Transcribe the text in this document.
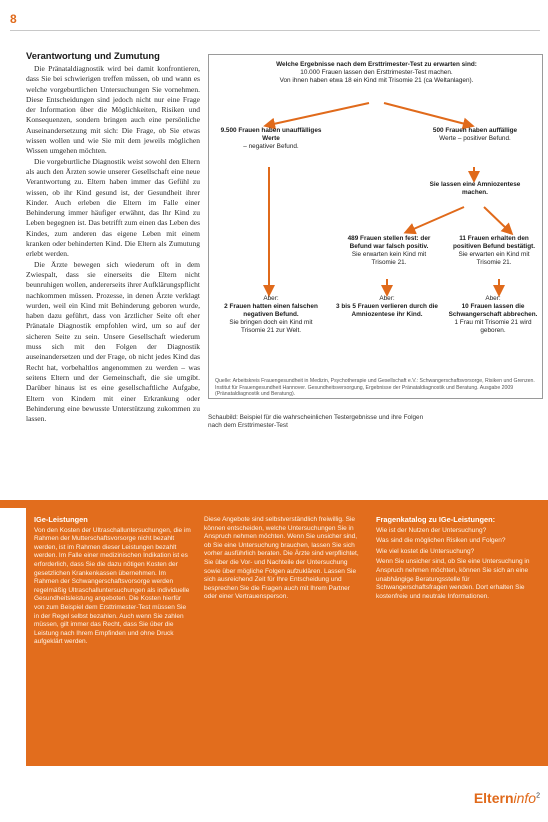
8
Verantwortung und Zumutung

Die Pränataldiagnostik wird bei damit konfrontieren, dass Sie bei schwierigen treffen müssen, ob und wann es welche vorgeburtlichen Untersuchungen Sie vornehmen. Diese Entscheidungen sind jedoch nicht nur eine Frage der Information über die Möglichkeiten, Risiken und Konsequenzen, sondern bringen auch eine persönliche Auseinandersetzung mit sich: Die Frage, ob Sie etwas wissen wollen und wie Sie mit dem jeweils möglichen Wissen umgehen möchten.

Die vorgeburtliche Diagnostik weist sowohl den Eltern als auch den Ärzten sowie unserer Gesellschaft eine neue Verantwortung zu. Eltern haben immer das Gefühl zu wissen, ob ihr Kind gesund ist, der Gesundheit ihrer Kinder. Auch erleben die Eltern im Falle einer Behinderung immer häufiger erwähnt, das Ihr Kind zu Leben begegnen ist. Das betrifft zum einen das Leben des Kindes, zum anderen das eigene Leben mit einem kranken oder behinderten Kind. Die Eltern als Zumutung erlebt werden.

Die Ärzte bewegen sich wiederum oft in dem Zwiespalt, dass sie einerseits die Eltern nicht beunruhigen wollen, andererseits ihrer Aufklärungspflicht nachkommen müssen. Prozesse, in denen Ärzte verklagt wurden, weil ein Kind mit Behinderung geboren wurde, haben dazu geführt, dass von ärztlicher Seite oft eher Pränatale Diagnostik empfohlen wird, um so auf der sicheren Seite zu sein. Unsere Gesellschaft wiederum muss sich mit den Folgen der Diagnostik auseinandersetzen und der Frage, ob nicht jedes Kind das Recht hat, vorbehaltlos angenommen zu werden – was seitens Eltern und der Gemeinschaft, die sie umgibt. Darüber hinaus ist es eine gesellschaftliche Aufgabe, Eltern von Kindern mit einer Erkrankung oder Behinderung eine bewusste Unterstützung zukommen zu lassen.

Welche Ergebnisse nach dem Ersttrimester-Test zu erwarten sind:
10.000 Frauen lassen den Ersttrimester-Test machen.
Von ihnen haben etwa 18 ein Kind mit Trisomie 21 (ca Weltanlagen).
9.500 Frauen haben unauffälliges Werte
– negativer Befund.
500 Frauen haben auffällige
Werte – positiver Befund.
Sie lassen eine Amniozentese machen.
489 Frauen stellen fest: der Befund war falsch positiv.
Sie erwarten kein Kind mit Trisomie 21.
11 Frauen erhalten den positiven Befund bestätigt.
Sie erwarten ein Kind mit Trisomie 21.
Aber:
2 Frauen hatten einen falschen negativen Befund.
Sie bringen doch ein Kind mit Trisomie 21 zur Welt.
Aber:
3 bis 5 Frauen verlieren durch die Amniozentese ihr Kind.
Aber:
10 Frauen lassen die Schwangerschaft abbrechen.
1 Frau mit Trisomie 21 wird geboren.
Quelle: Arbeitskreis Frauengesundheit in Medizin, Psychotherapie und Gesellschaft e.V.: Schwangerschaftsvorsorge, Risiken und Grenzen. Institut für Frauengesundheit Hannover. Gesundheitsversorgung, Ergebnisse der Pränataldiagnostik und Beratung. Ausgabe 2009 (Pränataldiagnostik und Beratung).
Schaubild: Beispiel für die wahrscheinlichen Testergebnisse und ihre Folgen nach dem Ersttrimester-Test
IGe-Leistungen

Von den Kosten der Ultraschalluntersuchungen, die im Rahmen der Mutterschaftsvorsorge nicht bezahlt werden, ist im Rahmen dieser Leistungen bezahlt werden. Im Falle einer medizinischen Indikation ist es erforderlich, dass Sie die dazu nötigen Kosten der gesetzlichen Krankenkassen übernehmen. Im Rahmen der Schwangerschaftsvorsorge werden regelmäßig Ultraschalluntersuchungen als individuelle Gesundheitsleistung angeboten. Die Kosten hierfür von zum Beispiel dem Ersttrimester-Test müssen Sie in der Regel selbst bezahlen. Auch wenn Sie zahlen müssen, gilt immer das Recht, dass Sie über die Leistung nach Ihrem Empfinden und ohne Druck aufgeklärt werden.

Diese Angebote sind selbstverständlich freiwillig. Sie können entscheiden, welche Untersuchungen Sie in Anspruch nehmen möchten. Wenn Sie unsicher sind, ob Sie eine Untersuchung brauchen, lassen Sie sich vorher ausführlich beraten. Die Ärzte sind verpflichtet, Sie über die Vor- und Nachteile der Untersuchung sowie über mögliche Folgen aufzuklären. Lassen Sie sich ausreichend Zeit für Ihre Entscheidung und besprechen Sie die Fragen auch mit Ihrem Partner oder einer Vertrauensperson.

Fragenkatalog zu IGe-Leistungen:

Wie ist der Nutzen der Untersuchung?

Was sind die möglichen Risiken und Folgen?

Wie viel kostet die Untersuchung?

Wenn Sie unsicher sind, ob Sie eine Untersuchung in Anspruch nehmen möchten, können Sie sich an eine unabhängige Beratungsstelle für Schwangerschaftsfragen wenden. Dort erhalten Sie kostenfreie und neutrale Informationen.

Elterninfo$^2$
